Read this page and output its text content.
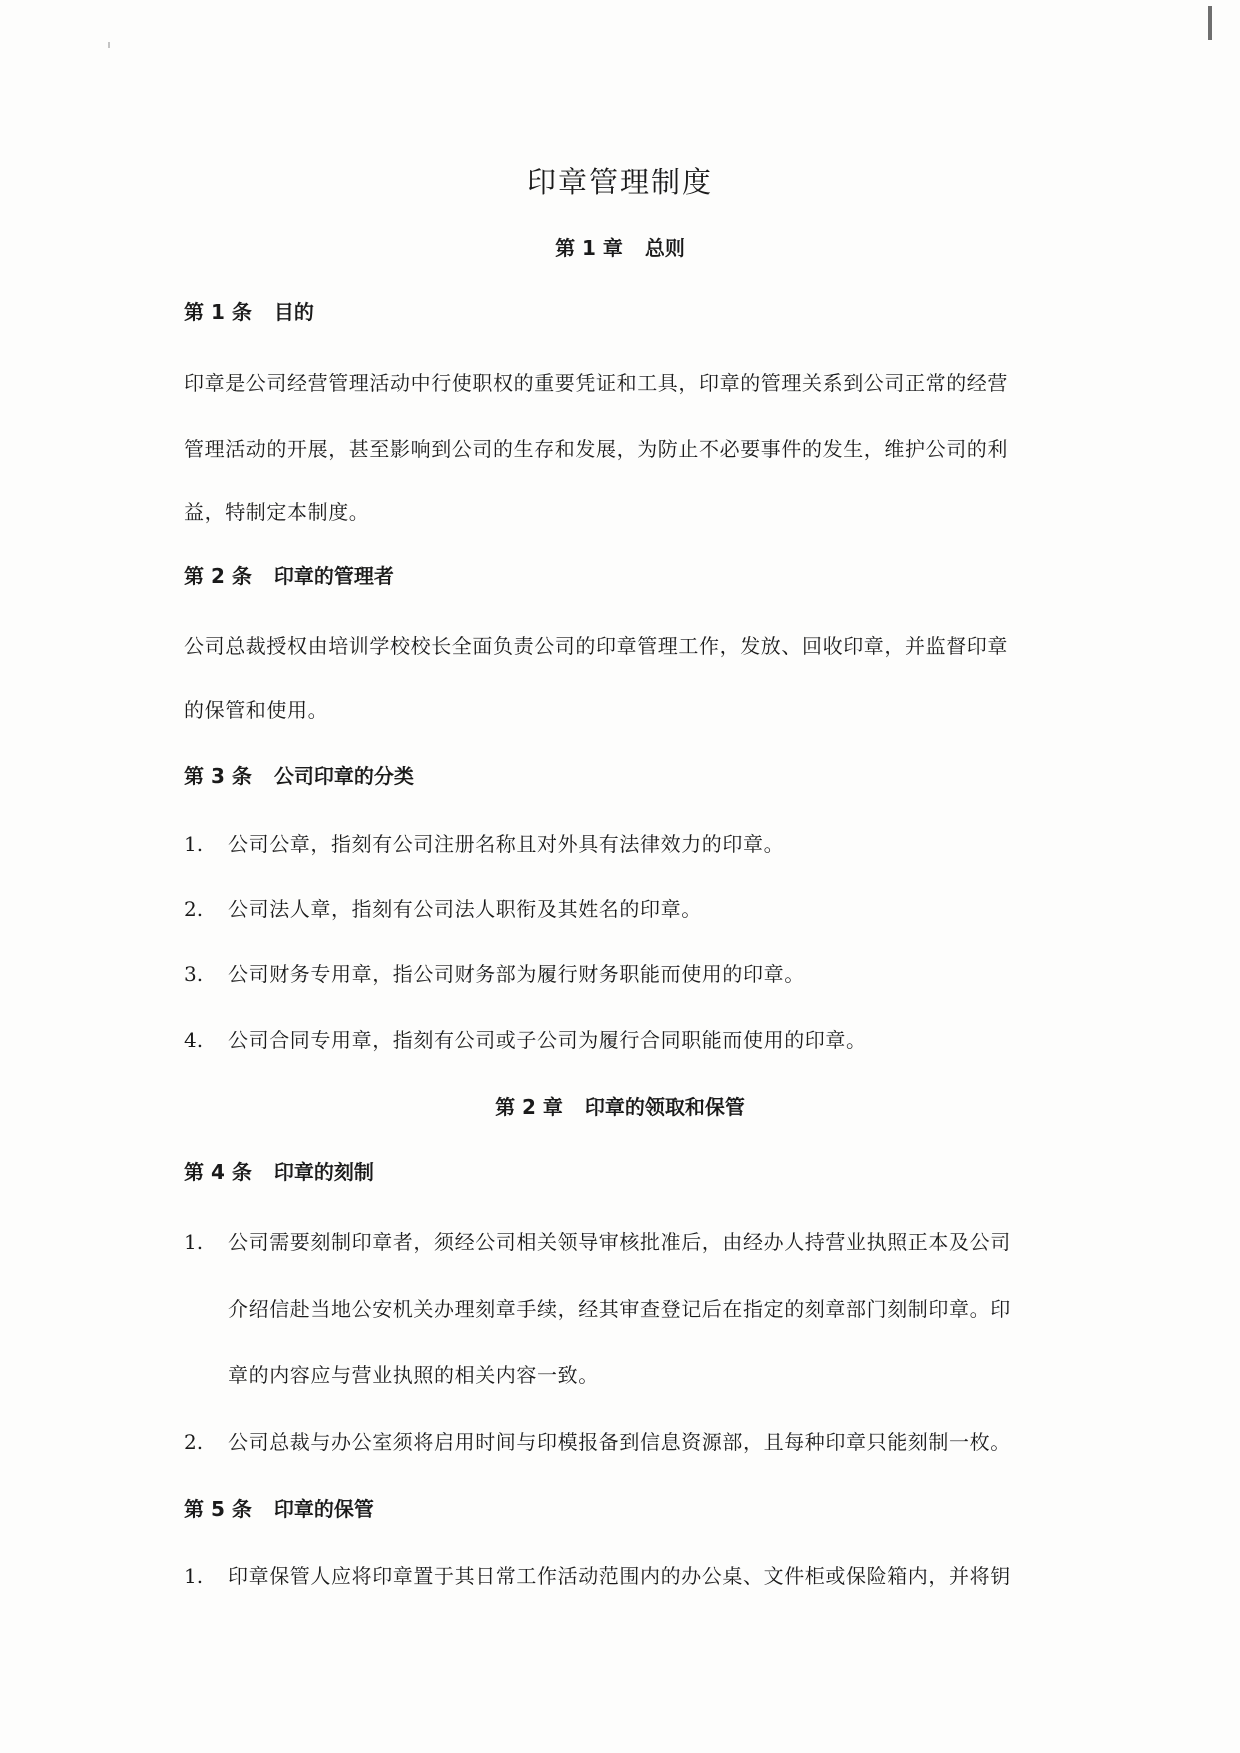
印章管理制度
第 1 章 总则
第 1 条 目的
印章是公司经营管理活动中行使职权的重要凭证和工具，印章的管理关系到公司正常的经营
管理活动的开展，甚至影响到公司的生存和发展，为防止不必要事件的发生，维护公司的利
益，特制定本制度。
第 2 条 印章的管理者
公司总裁授权由培训学校校长全面负责公司的印章管理工作，发放、回收印章，并监督印章
的保管和使用。
第 3 条 公司印章的分类
1. 公司公章，指刻有公司注册名称且对外具有法律效力的印章。
2. 公司法人章，指刻有公司法人职衔及其姓名的印章。
3. 公司财务专用章，指公司财务部为履行财务职能而使用的印章。
4. 公司合同专用章，指刻有公司或子公司为履行合同职能而使用的印章。
第 2 章 印章的领取和保管
第 4 条 印章的刻制
1. 公司需要刻制印章者，须经公司相关领导审核批准后，由经办人持营业执照正本及公司
介绍信赴当地公安机关办理刻章手续，经其审查登记后在指定的刻章部门刻制印章。印
章的内容应与营业执照的相关内容一致。
2. 公司总裁与办公室须将启用时间与印模报备到信息资源部，且每种印章只能刻制一枚。
第 5 条 印章的保管
1. 印章保管人应将印章置于其日常工作活动范围内的办公桌、文件柜或保险箱内，并将钥
